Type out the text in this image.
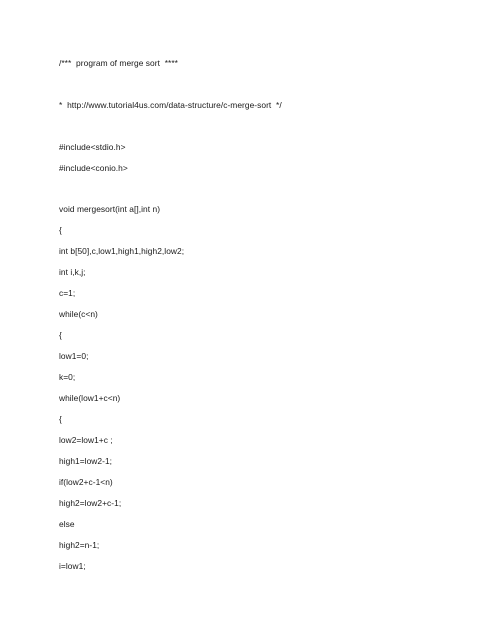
/***  program of merge sort  ****
*  http://www.tutorial4us.com/data-structure/c-merge-sort  */
#include<stdio.h>
#include<conio.h>
void mergesort(int a[],int n)
{
int b[50],c,low1,high1,high2,low2;
int i,k,j;
c=1;
while(c<n)
{
low1=0;
k=0;
while(low1+c<n)
{
low2=low1+c ;
high1=low2-1;
if(low2+c-1<n)
high2=low2+c-1;
else
high2=n-1;
i=low1;
